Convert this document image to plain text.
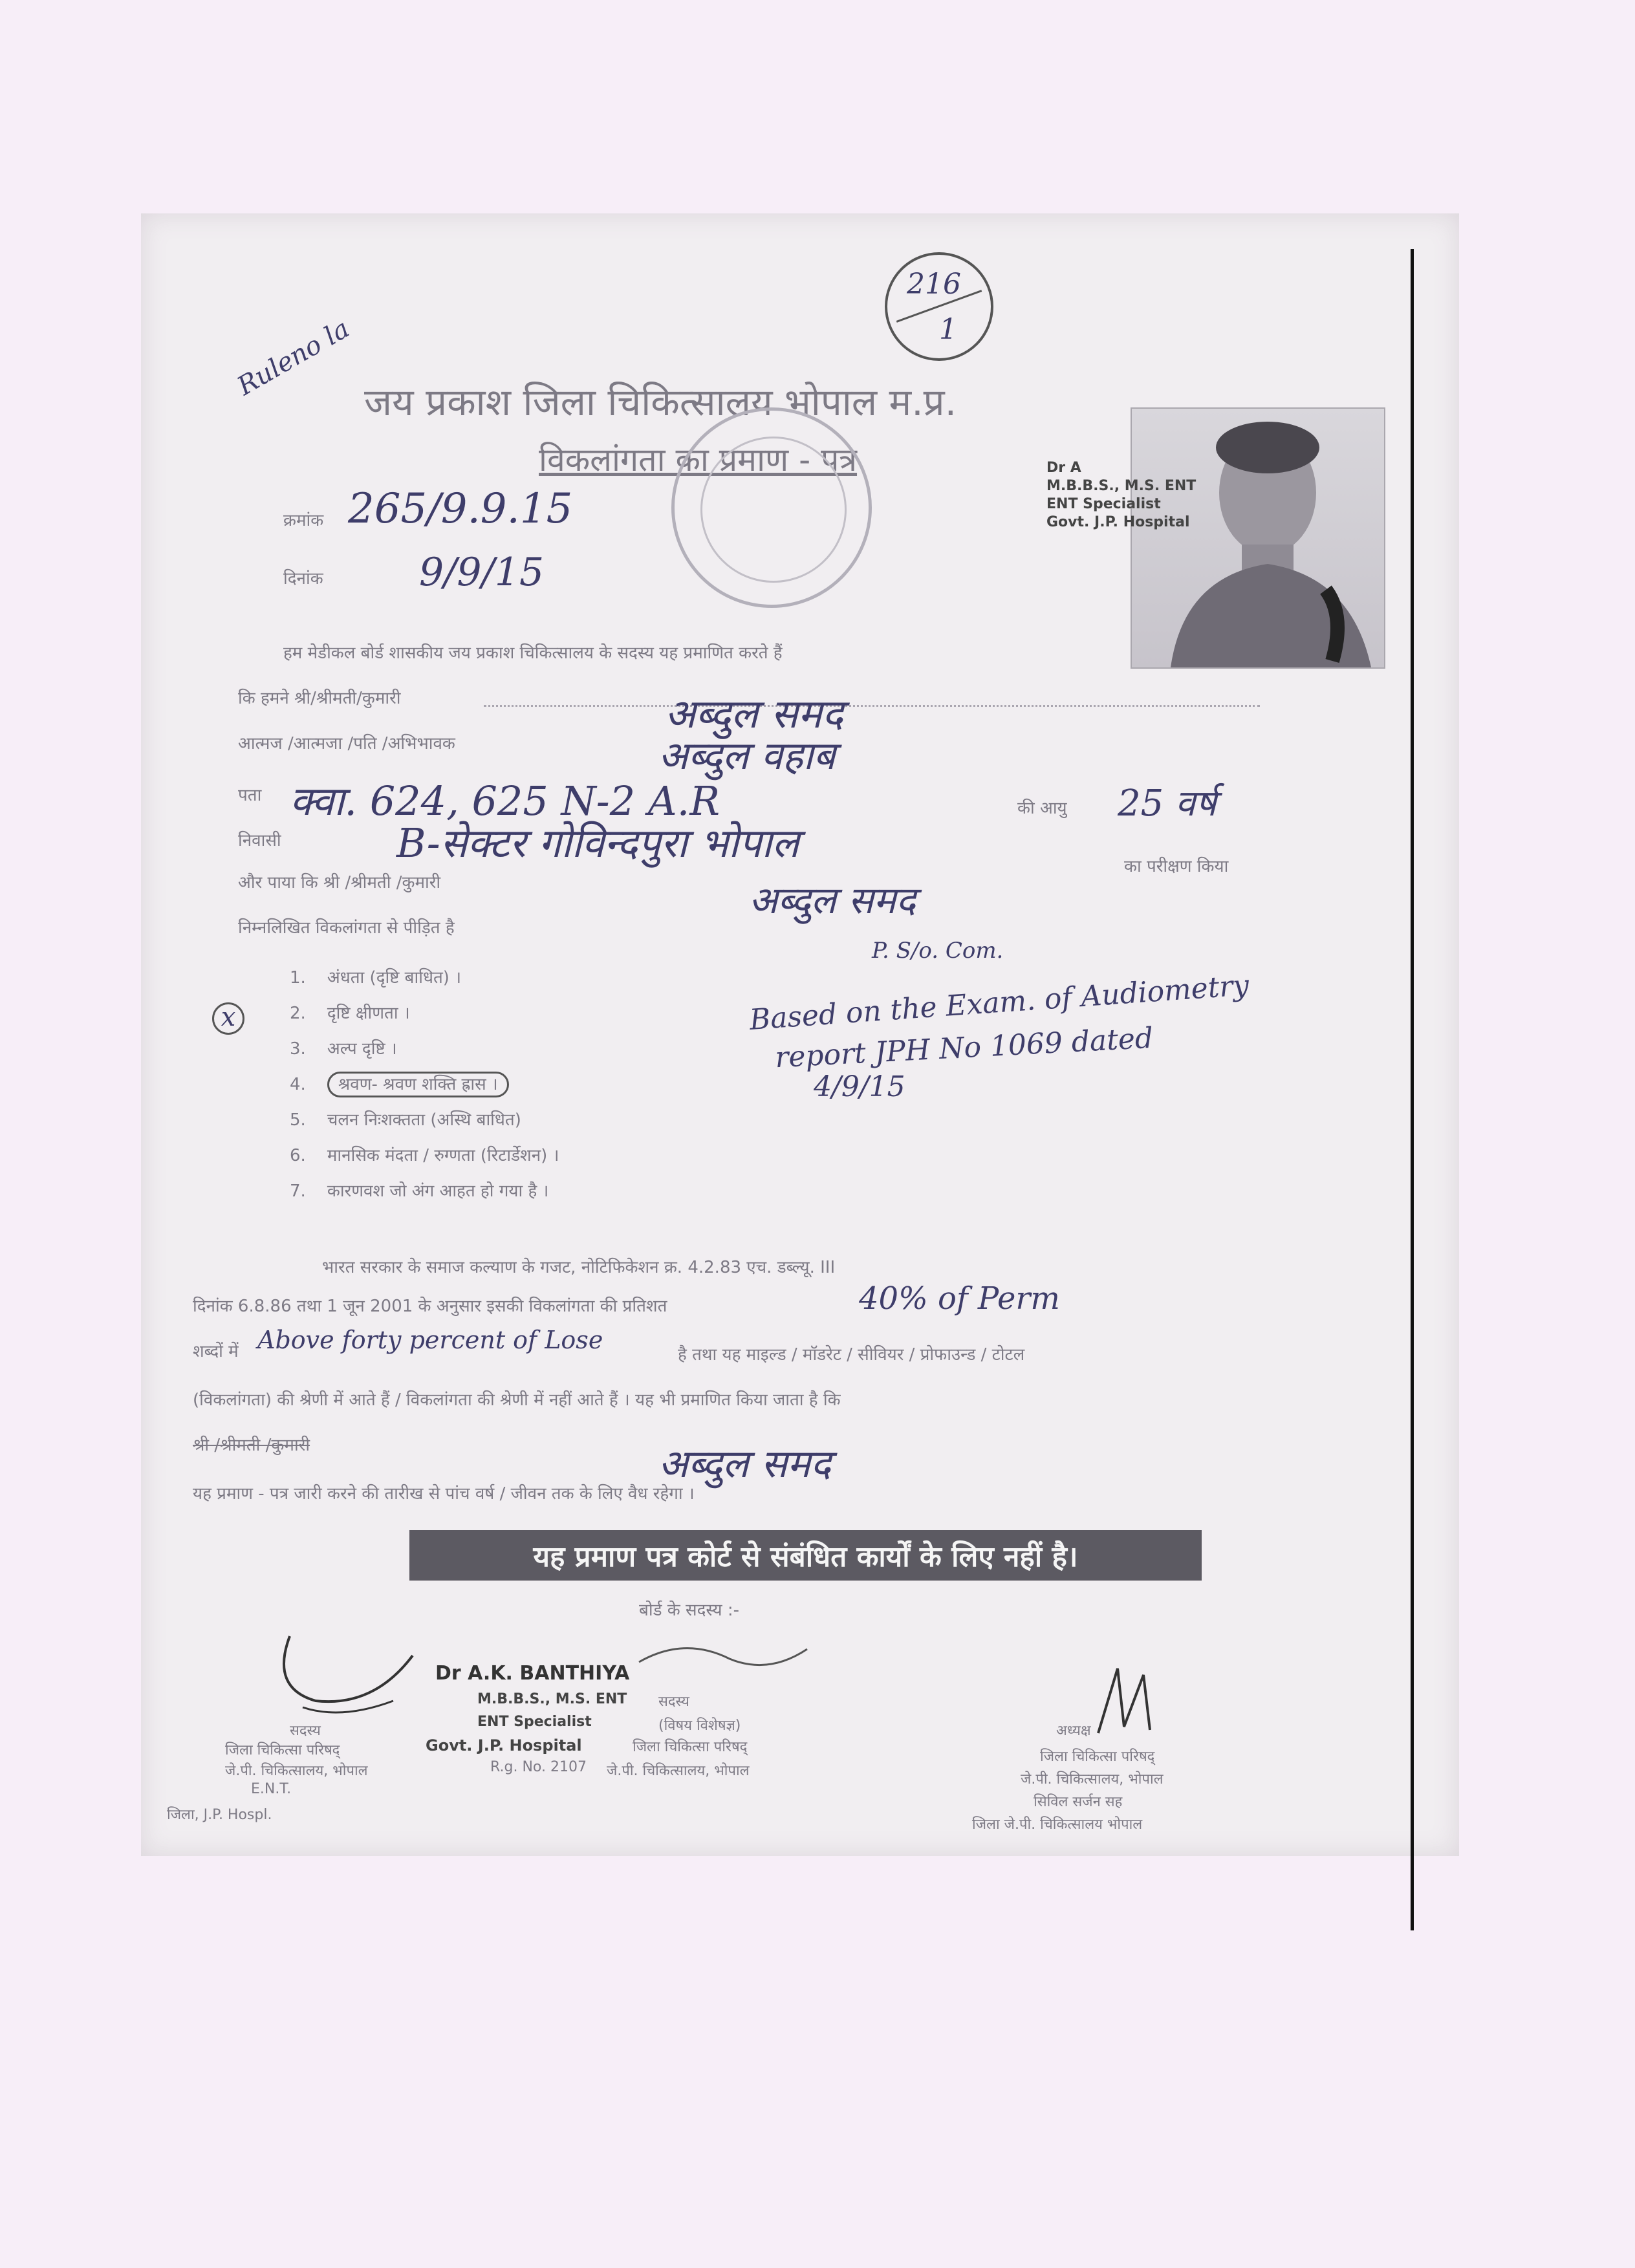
Ruleno la
216
1
जय प्रकाश जिला चिकित्सालय भोपाल म.प्र.
विकलांगता का प्रमाण - पत्र	Dr A
M.B.B.S., M.S. ENT
ENT Specialist
Govt. J.P. Hospital
क्रमांक 265/9.9.15
दिनांक 9/9/15
हम मेडीकल बोर्ड शासकीय जय प्रकाश चिकित्सालय के सदस्य यह प्रमाणित करते हैं
कि हमने श्री/श्रीमती/कुमारी	अब्दुल समद
आत्मज /आत्मजा /पति /अभिभावक	अब्दुल वहाब
पता क्वा. 624, 625 N-2 A.R	की आयु 25 वर्ष
निवासी	B-सेक्टर गोविन्दपुरा भोपाल	का परीक्षण किया
और पाया कि श्री /श्रीमती /कुमारी	अब्दुल समद
निम्नलिखित विकलांगता से पीड़ित है
1. अंधता (दृष्टि बाधित) ।
2. दृष्टि क्षीणता ।
3. अल्प दृष्टि ।
4. श्रवण- श्रवण शक्ति ह्रास ।
5. चलन निःशक्तता (अस्थि बाधित)
6. मानसिक मंदता / रुग्णता (रिटार्डेशन) ।
7. कारणवश जो अंग आहत हो गया है ।
x
P. S/o. Com.
Based on the Exam. of Audiometry
report JPH No 1069 dated
4/9/15
भारत सरकार के समाज कल्याण के गजट, नोटिफिकेशन क्र. 4.2.83 एच. डब्ल्यू. III
दिनांक 6.8.86 तथा 1 जून 2001 के अनुसार इसकी विकलांगता की प्रतिशत	40% of Perm
शब्दों में Above forty percent of Lose
है तथा यह माइल्ड / मॉडरेट / सीवियर / प्रोफाउन्ड / टोटल
(विकलांगता) की श्रेणी में आते हैं / विकलांगता की श्रेणी में नहीं आते हैं । यह भी प्रमाणित किया जाता है कि
श्री /श्रीमती /कुमारी	अब्दुल समद
यह प्रमाण - पत्र जारी करने की तारीख से पांच वर्ष / जीवन तक के लिए वैध रहेगा ।
यह प्रमाण पत्र कोर्ट से संबंधित कार्यों के लिए नहीं है।
बोर्ड के सदस्य :-
Dr A.K. BANTHIYA
M.B.B.S., M.S. ENT सदस्य
ENT Specialist	(विषय विशेषज्ञ)
Govt. J.P. Hospital	जिला चिकित्सा परिषद्
R.g. No. 2107 जे.पी. चिकित्सालय, भोपाल
सदस्य
जिला चिकित्सा परिषद्
जे.पी. चिकित्सालय, भोपाल
E.N.T.
जिला, J.P. Hospl.
अध्यक्ष
जिला चिकित्सा परिषद्
जे.पी. चिकित्सालय, भोपाल
सिविल सर्जन सह
जिला जे.पी. चिकित्सालय भोपाल
